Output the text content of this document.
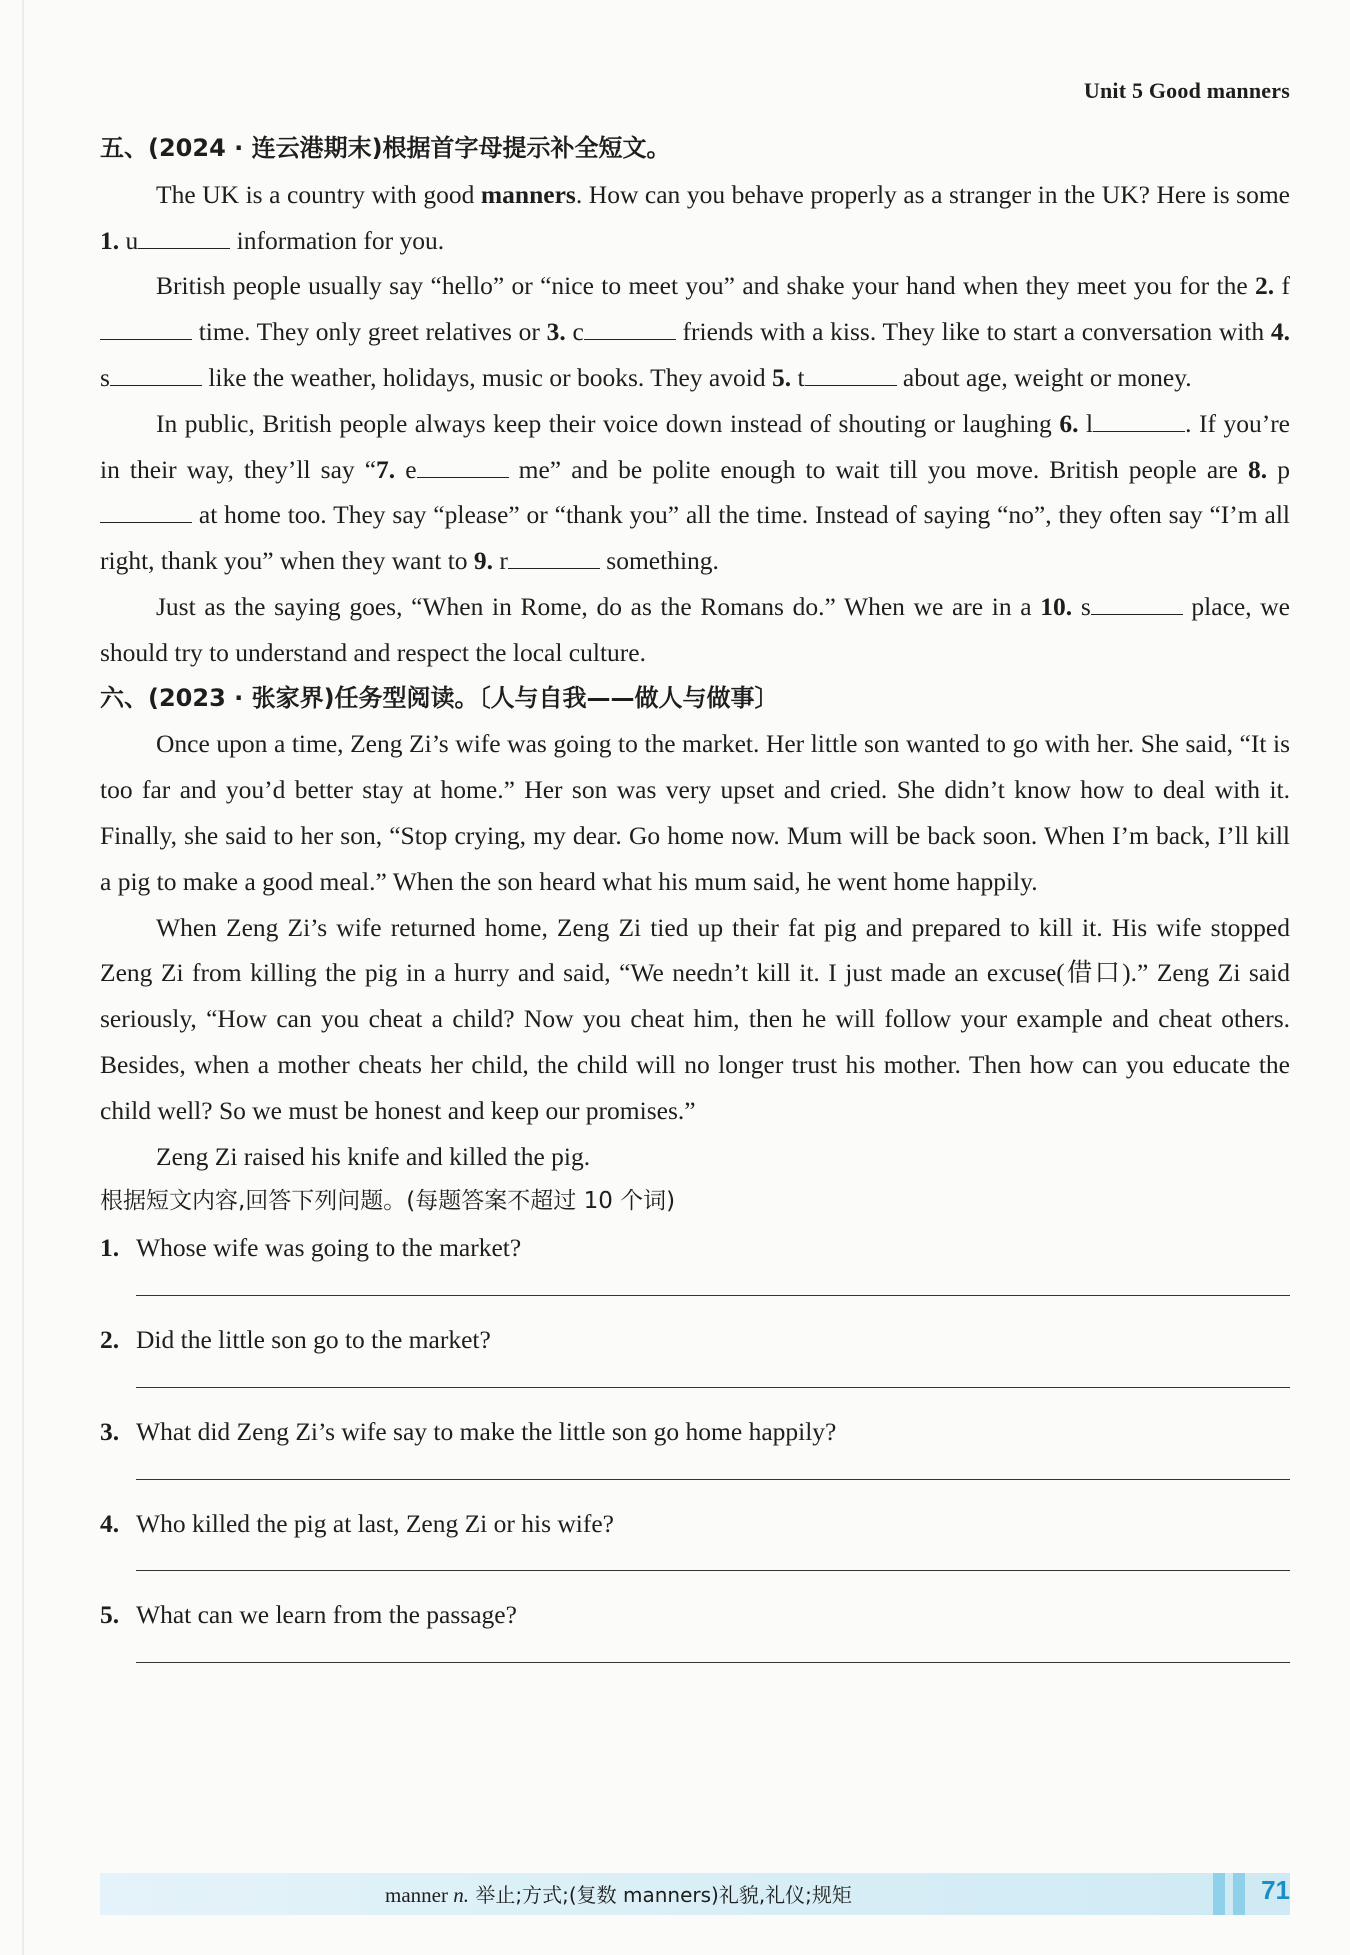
Unit 5 Good manners
五、(2024 · 连云港期末)根据首字母提示补全短文。

The UK is a country with good manners. How can you behave properly as a stranger in the UK? Here is some 1. u	information for you.

British people usually say “hello” or “nice to meet you” and shake your hand when they meet you for the 2. f time. They only greet relatives or 3. c	friends with a kiss. They like to start a conversation with 4. s	like the weather, holidays, music or books. They avoid 5. t	about age, weight or money.

In public, British people always keep their voice down instead of shouting or laughing 6. l	. If you’re in their way, they’ll say “7. e	me” and be polite enough to wait till you move. British people are 8. p at home too. They say “please” or “thank you” all the time. Instead of saying “no”, they often say “I’m all right, thank you” when they want to 9. r	something.

Just as the saying goes, “When in Rome, do as the Romans do.” When we are in a 10. s	place, we should try to understand and respect the local culture.

六、(2023 · 张家界)任务型阅读。〔人与自我——做人与做事〕

Once upon a time, Zeng Zi’s wife was going to the market. Her little son wanted to go with her. She said, “It is too far and you’d better stay at home.” Her son was very upset and cried. She didn’t know how to deal with it. Finally, she said to her son, “Stop crying, my dear. Go home now. Mum will be back soon. When I’m back, I’ll kill a pig to make a good meal.” When the son heard what his mum said, he went home happily.

When Zeng Zi’s wife returned home, Zeng Zi tied up their fat pig and prepared to kill it. His wife stopped Zeng Zi from killing the pig in a hurry and said, “We needn’t kill it. I just made an excuse(借口).” Zeng Zi said seriously, “How can you cheat a child? Now you cheat him, then he will follow your example and cheat others. Besides, when a mother cheats her child, the child will no longer trust his mother. Then how can you educate the child well? So we must be honest and keep our promises.”

Zeng Zi raised his knife and killed the pig.

根据短文内容,回答下列问题。(每题答案不超过 10 个词)
1. Whose wife was going to the market?
2. Did the little son go to the market?
3. What did Zeng Zi’s wife say to make the little son go home happily?
4. Who killed the pig at last, Zeng Zi or his wife?
5. What can we learn from the passage?
manner n. 举止;方式;(复数 manners)礼貌,礼仪;规矩	71
